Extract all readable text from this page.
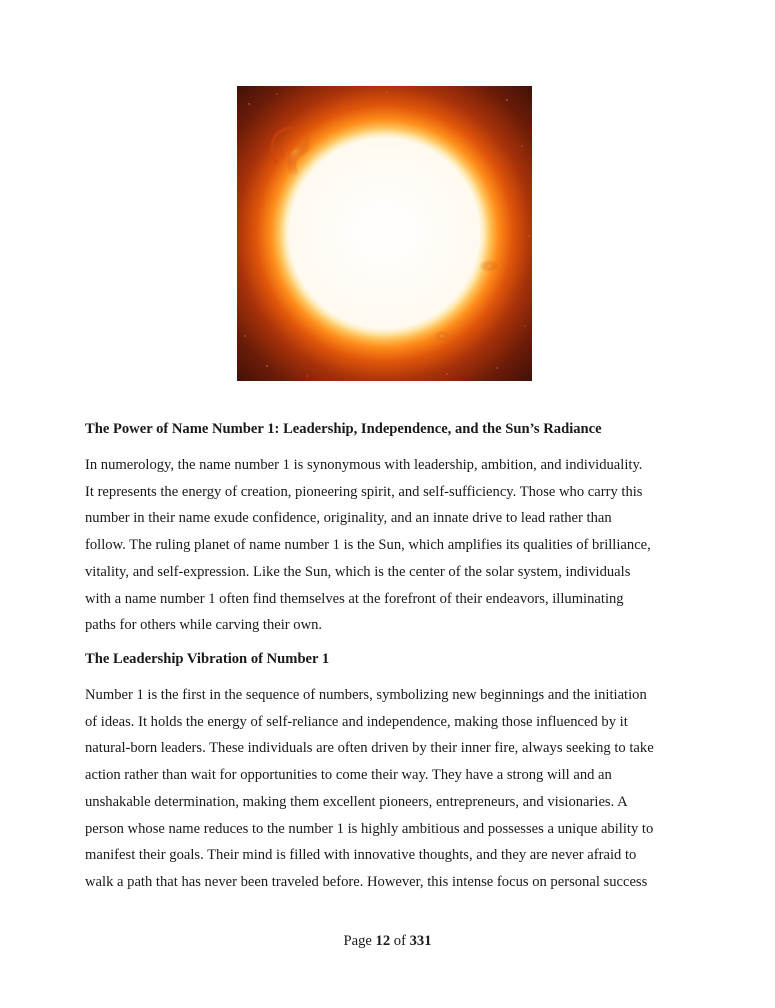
The Power of Name Number 1: Leadership, Independence, and the Sun’s Radiance

In numerology, the name number 1 is synonymous with leadership, ambition, and individuality.
It represents the energy of creation, pioneering spirit, and self-sufficiency. Those who carry this
number in their name exude confidence, originality, and an innate drive to lead rather than
follow. The ruling planet of name number 1 is the Sun, which amplifies its qualities of brilliance,
vitality, and self-expression. Like the Sun, which is the center of the solar system, individuals
with a name number 1 often find themselves at the forefront of their endeavors, illuminating
paths for others while carving their own.

The Leadership Vibration of Number 1

Number 1 is the first in the sequence of numbers, symbolizing new beginnings and the initiation
of ideas. It holds the energy of self-reliance and independence, making those influenced by it
natural-born leaders. These individuals are often driven by their inner fire, always seeking to take
action rather than wait for opportunities to come their way. They have a strong will and an
unshakable determination, making them excellent pioneers, entrepreneurs, and visionaries. A
person whose name reduces to the number 1 is highly ambitious and possesses a unique ability to
manifest their goals. Their mind is filled with innovative thoughts, and they are never afraid to
walk a path that has never been traveled before. However, this intense focus on personal success

Page 12 of 331
